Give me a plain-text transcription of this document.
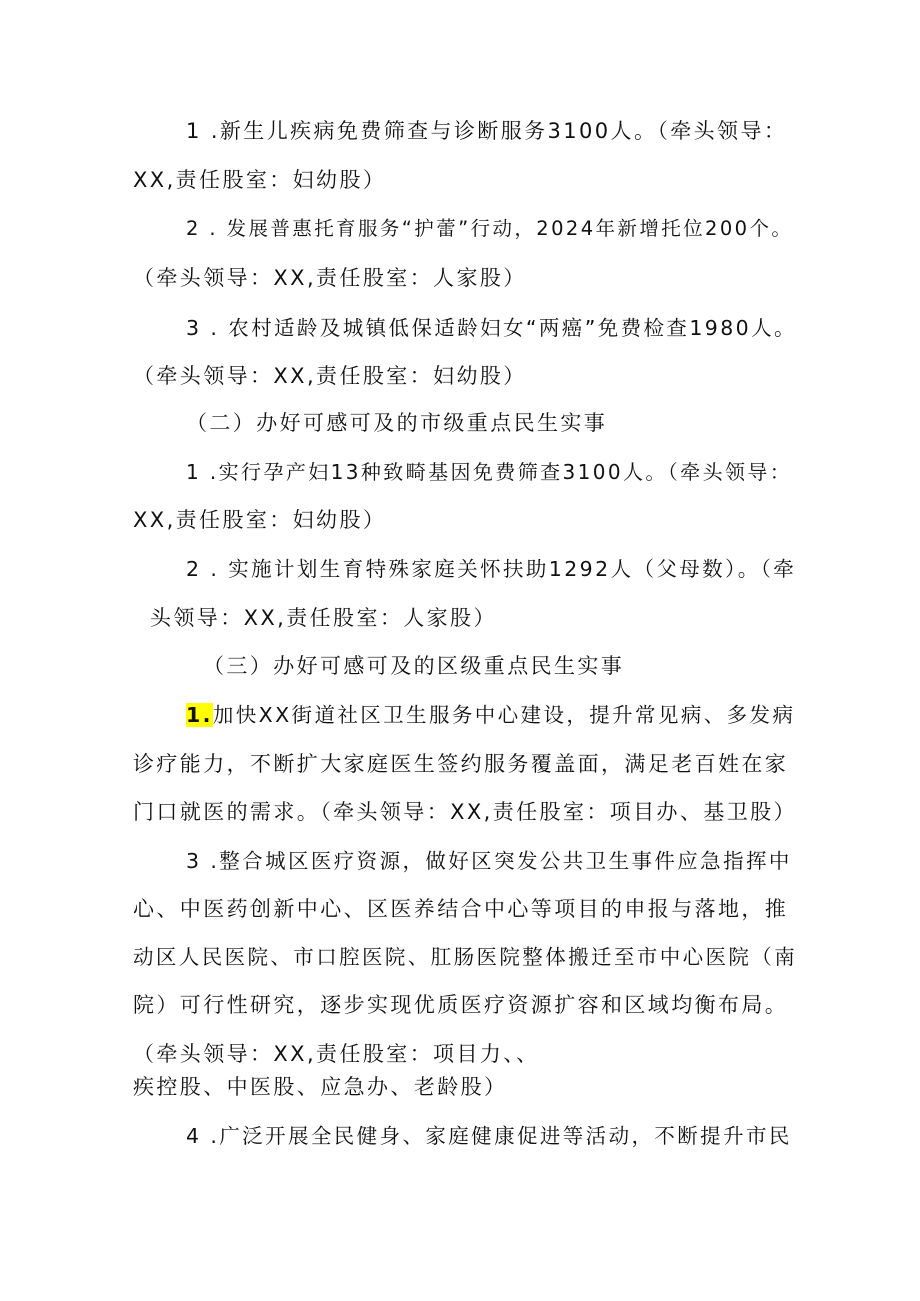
1 .新生儿疾病免费筛查与诊断服务3100人。（牵头领导：
XX,责任股室：妇幼股）
2 . 发展普惠托育服务“护蕾”行动，2024年新增托位200个。
（牵头领导：XX,责任股室：人家股）
3 . 农村适龄及城镇低保适龄妇女“两癌”免费检查1980人。
（牵头领导：XX,责任股室：妇幼股）
（二）办好可感可及的市级重点民生实事
1 .实行孕产妇13种致畸基因免费筛查3100人。（牵头领导：
XX,责任股室：妇幼股）
2 . 实施计划生育特殊家庭关怀扶助1292人（父母数）。（牵
头领导：XX,责任股室：人家股）
（三）办好可感可及的区级重点民生实事
1.加快XX街道社区卫生服务中心建设，提升常见病、多发病
诊疗能力，不断扩大家庭医生签约服务覆盖面，满足老百姓在家
门口就医的需求。（牵头领导：XX,责任股室：项目办、基卫股）
3 .整合城区医疗资源，做好区突发公共卫生事件应急指挥中
心、中医药创新中心、区医养结合中心等项目的申报与落地，推
动区人民医院、市口腔医院、肛肠医院整体搬迁至市中心医院（南
院）可行性研究，逐步实现优质医疗资源扩容和区域均衡布局。
（牵头领导：XX,责任股室：项目力、、
疾控股、中医股、应急办、老龄股）
4 .广泛开展全民健身、家庭健康促进等活动，不断提升市民
